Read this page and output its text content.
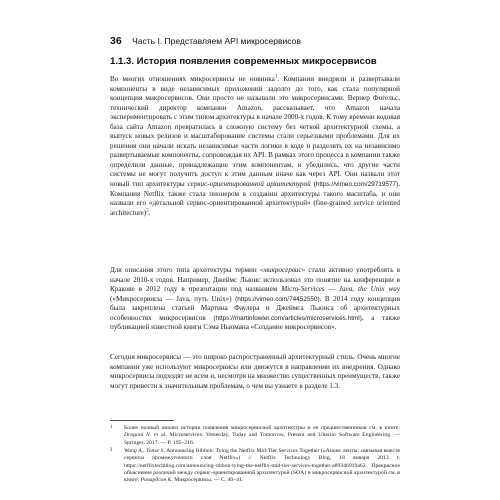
36 Часть I. Представляем API микросервисов
1.1.3. История появления современных микросервисов

Во многих отношениях микросервисы не новинка$^1$. Компании внедряли и развертывали компоненты в виде независимых приложений задолго до того, как стала популярной концепция микросервисов. Они просто не называли это микросервисами. Вернер Фогельс, технический директор компании Amazon, рассказывает, что Amazon начала экспериментировать с этим типом архитектуры в начале 2000-х годов. К тому времени кодовая база сайта Amazon превратилась в сложную систему без четкой архитектурной схемы, а выпуск новых релизов и масштабирование системы стали серьезными проблемами. Для их решения они начали искать независимые части логики в коде и разделять их на независимо развертываемые компоненты, сопровождая их API. В рамках этого процесса в компании также определили данные, принадлежащие этим компонентам, и убедились, что другие части системы не могут получить доступ к этим данным иначе как через API. Они назвали этот новый тип архитектуры сервис-ориентированной архитектурой (https://vimeo.com/29719577). Компания Netflix также стала пионером в создании архитектуры такого масштаба, и они назвали его «детальной сервис-ориентированной архитектурой» (fine-grained service oriented architecture)$^2$.

Для описания этого типа архитектуры термин «микросервис» стали активно употреблять в начале 2010-х годов. Например, Джеймс Льюис использовал это понятие на конференции в Кракове в 2012 году в презентации под названием Micro-Services — Java, the Unix way («Микросервисы — Java, путь Unix») (https://vimeo.com/74452550). В 2014 году концепция была закреплена статьей Мартина Фаулера и Джеймса Льюиса об архитектурных особенностях микросервисов (https://martinfowler.com/articles/microservices.html), а также публикацией известной книги Сэма Ньюмана «Создание микросервисов».

Сегодня микросервисы — это широко распространенный архитектурный стиль. Очень многие компании уже используют микросервисы или движутся в направлении их внедрения. Однако микросервисы подходят не всем и, несмотря на множество существенных преимуществ, также могут привести к значительным проблемам, о чем вы узнаете в разделе 1.3.

1 Более полный анализ истории появления микросервисной архитектуры и ее предшественников см. в книге: Dragoni N. et al. Microservices: Yesterday, Today and Tomorrow, Present and Ulterior Software Engineering. — Springer, 2017. — P. 195–216.

2 Wang A., Tonse S. Announcing Ribbon: Tying the Netflix Mid-Tier Services Together («Анонс ленты: связывая вместе сервисы промежуточного слоя Netflix») // Netflix Technology Blog, 18 января 2013 г. https://netflixtechblog.com/announcing-ribbon-tying-the-netflix-mid-tier-services-together-a89346910a62. Прекрасное объяснение различий между сервис-ориентированной архитектурой (SOA) и микросервисной архитектурой см. в книге: Ричардсон К. Микросервисы. — С. 40–41.
